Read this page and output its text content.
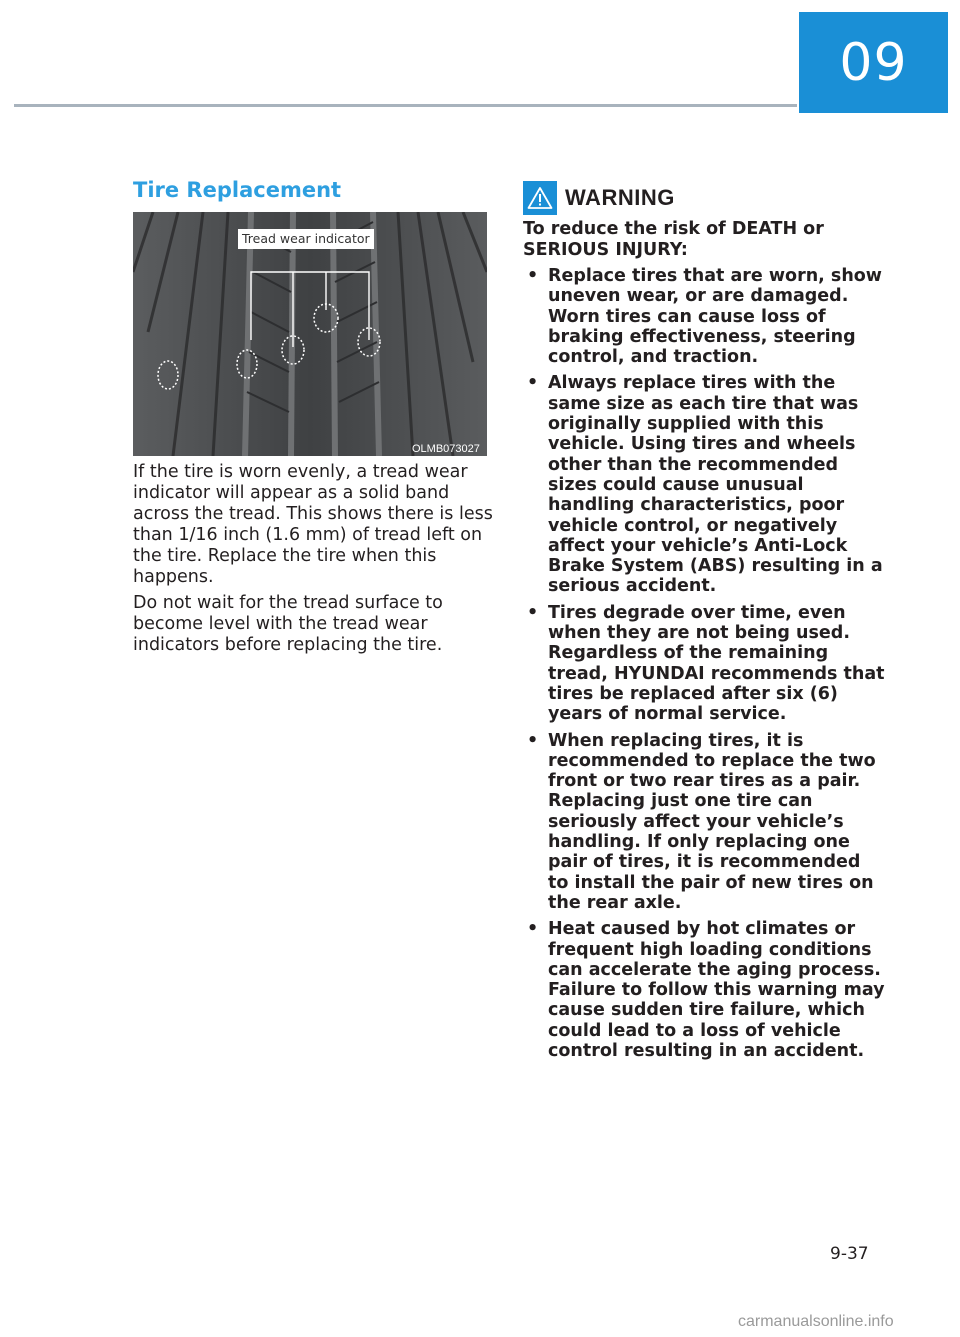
09
Tire Replacement
Tread wear indicator
OLMB073027

If the tire is worn evenly, a tread wear indicator will appear as a solid band across the tread. This shows there is less than 1/16 inch (1.6 mm) of tread left on the tire. Replace the tire when this happens.

Do not wait for the tread surface to become level with the tread wear indicators before replacing the tire.

WARNING

To reduce the risk of DEATH or SERIOUS INJURY:

• Replace tires that are worn, show uneven wear, or are damaged. Worn tires can cause loss of braking effectiveness, steering control, and traction.
• Always replace tires with the same size as each tire that was originally supplied with this vehicle. Using tires and wheels other than the recommended sizes could cause unusual handling characteristics, poor vehicle control, or negatively affect your vehicle’s Anti-Lock Brake System (ABS) resulting in a serious accident.
• Tires degrade over time, even when they are not being used. Regardless of the remaining tread, HYUNDAI recommends that tires be replaced after six (6) years of normal service.
• When replacing tires, it is recommended to replace the two front or two rear tires as a pair. Replacing just one tire can seriously affect your vehicle’s handling. If only replacing one pair of tires, it is recommended to install the pair of new tires on the rear axle.
• Heat caused by hot climates or frequent high loading conditions can accelerate the aging process. Failure to follow this warning may cause sudden tire failure, which could lead to a loss of vehicle control resulting in an accident.
9-37
carmanualsonline.info
